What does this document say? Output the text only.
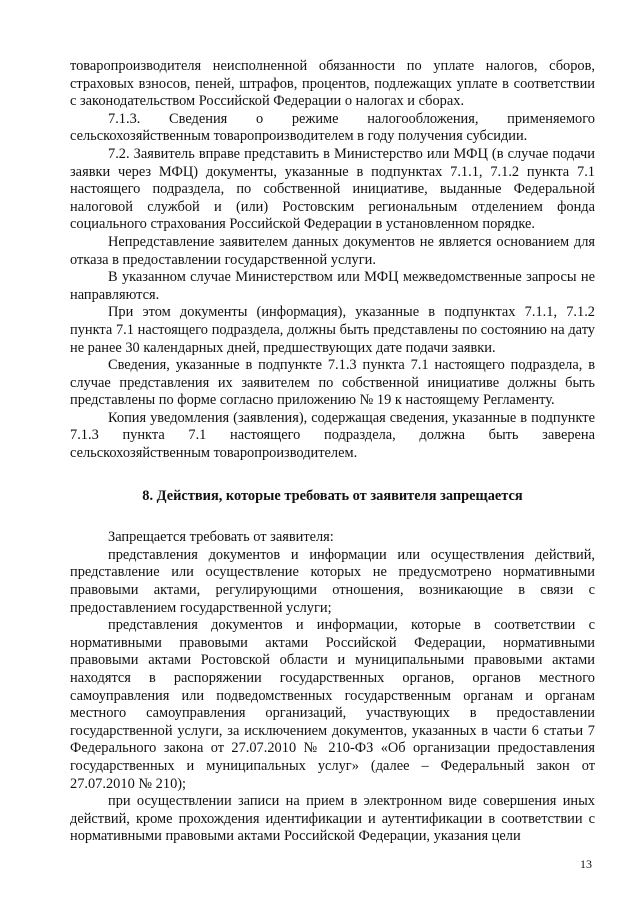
товаропроизводителя неисполненной обязанности по уплате налогов, сборов, страховых взносов, пеней, штрафов, процентов, подлежащих уплате в соответствии с законодательством Российской Федерации о налогах и сборах.

7.1.3. Сведения о режиме налогообложения, применяемого сельскохозяйственным товаропроизводителем в году получения субсидии.

7.2. Заявитель вправе представить в Министерство или МФЦ (в случае подачи заявки через МФЦ) документы, указанные в подпунктах 7.1.1, 7.1.2 пункта 7.1 настоящего подраздела, по собственной инициативе, выданные Федеральной налоговой службой и (или) Ростовским региональным отделением фонда социального страхования Российской Федерации в установленном порядке.

Непредставление заявителем данных документов не является основанием для отказа в предоставлении государственной услуги.

В указанном случае Министерством или МФЦ межведомственные запросы не направляются.

При этом документы (информация), указанные в подпунктах 7.1.1, 7.1.2 пункта 7.1 настоящего подраздела, должны быть представлены по состоянию на дату не ранее 30 календарных дней, предшествующих дате подачи заявки.

Сведения, указанные в подпункте 7.1.3 пункта 7.1 настоящего подраздела, в случае представления их заявителем по собственной инициативе должны быть представлены по форме согласно приложению № 19 к настоящему Регламенту.

Копия уведомления (заявления), содержащая сведения, указанные в подпункте 7.1.3 пункта 7.1 настоящего подраздела, должна быть заверена сельскохозяйственным товаропроизводителем.

8. Действия, которые требовать от заявителя запрещается

Запрещается требовать от заявителя:

представления документов и информации или осуществления действий, представление или осуществление которых не предусмотрено нормативными правовыми актами, регулирующими отношения, возникающие в связи с предоставлением государственной услуги;

представления документов и информации, которые в соответствии с нормативными правовыми актами Российской Федерации, нормативными правовыми актами Ростовской области и муниципальными правовыми актами находятся в распоряжении государственных органов, органов местного самоуправления или подведомственных государственным органам и органам местного самоуправления организаций, участвующих в предоставлении государственной услуги, за исключением документов, указанных в части 6 статьи 7 Федерального закона от 27.07.2010 № 210-ФЗ «Об организации предоставления государственных и муниципальных услуг» (далее – Федеральный закон от 27.07.2010 № 210);

при осуществлении записи на прием в электронном виде совершения иных действий, кроме прохождения идентификации и аутентификации в соответствии с нормативными правовыми актами Российской Федерации, указания цели

13
